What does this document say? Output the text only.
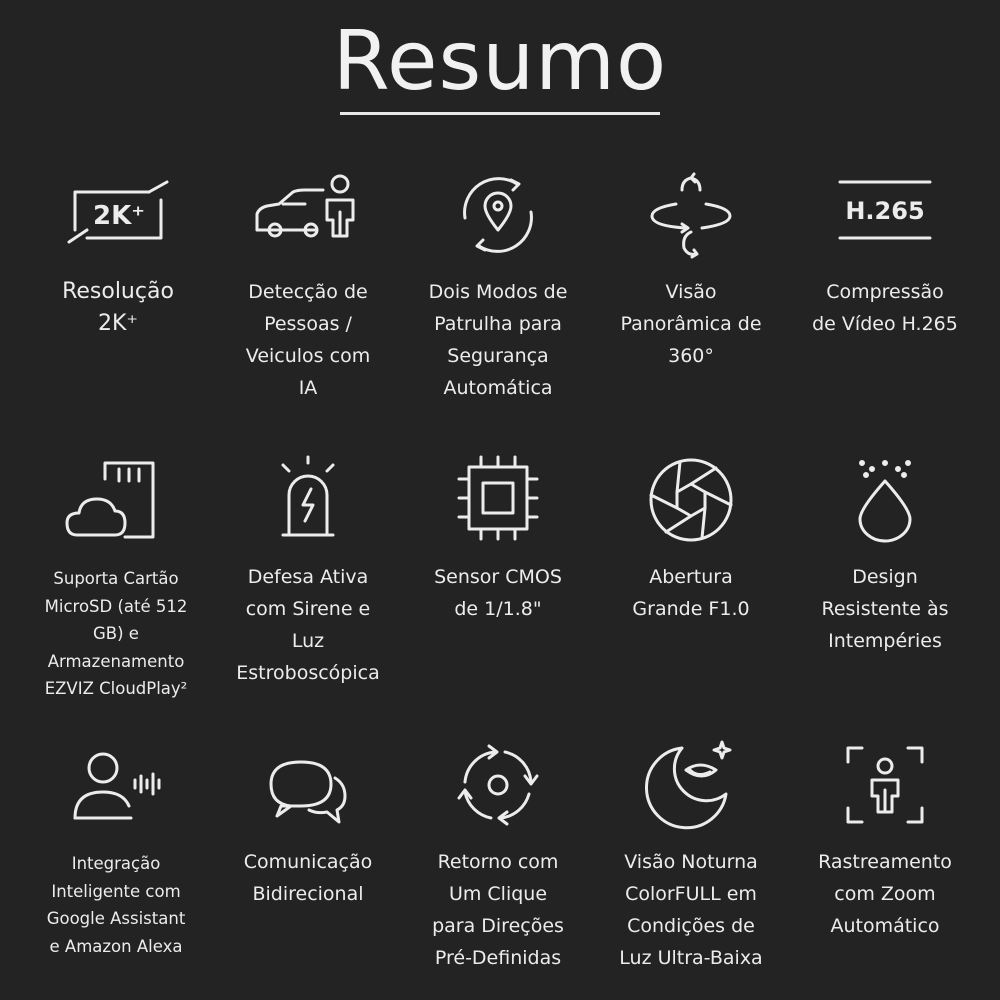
Resumo
2K⁺
Resolução
2K⁺
Detecção de
Pessoas /
Veiculos com
IA
Dois Modos de
Patrulha para
Segurança
Automática
Visão
Panorâmica de
360°
H.265
Compressão
de Vídeo H.265
Suporta Cartão
MicroSD (até 512
GB) e
Armazenamento
EZVIZ CloudPlay²
Defesa Ativa
com Sirene e
Luz
Estroboscópica
Sensor CMOS
de 1/1.8"
Abertura
Grande F1.0
Design
Resistente às
Intempéries
Integração
Inteligente com
Google Assistant
e Amazon Alexa
Comunicação
Bidirecional
Retorno com
Um Clique
para Direções
Pré-Definidas
Visão Noturna
ColorFULL em
Condições de
Luz Ultra-Baixa
Rastreamento
com Zoom
Automático
